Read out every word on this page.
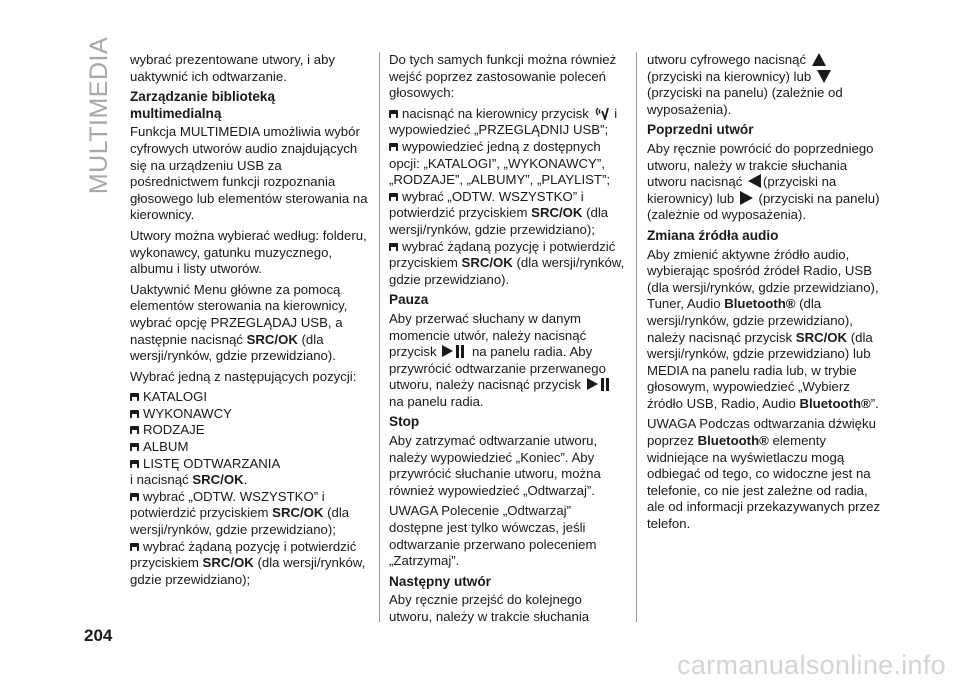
MULTIMEDIA
204
carmanualsonline.info

wybrać prezentowane utwory, i aby uaktywnić ich odtwarzanie.

Zarządzanie biblioteką multimedialną

Funkcja MULTIMEDIA umożliwia wybór cyfrowych utworów audio znajdujących się na urządzeniu USB za pośrednictwem funkcji rozpoznania głosowego lub elementów sterowania na kierownicy.

Utwory można wybierać według: folderu, wykonawcy, gatunku muzycznego, albumu i listy utworów.

Uaktywnić Menu główne za pomocą elementów sterowania na kierownicy, wybrać opcję PRZEGLĄDAJ USB, a następnie nacisnąć SRC/OK (dla wersji/rynków, gdzie przewidziano).

Wybrać jedną z następujących pozycji:

KATALOGI
WYKONAWCY
RODZAJE
ALBUM
LISTĘ ODTWARZANIA
i nacisnąć SRC/OK.
wybrać „ODTW. WSZYSTKO” i potwierdzić przyciskiem SRC/OK (dla wersji/rynków, gdzie przewidziano);
wybrać żądaną pozycję i potwierdzić przyciskiem SRC/OK (dla wersji/rynków, gdzie przewidziano);

Do tych samych funkcji można również wejść poprzez zastosowanie poleceń głosowych:

nacisnąć na kierownicy przycisk  i wypowiedzieć „PRZEGLĄDNIJ USB”;
wypowiedzieć jedną z dostępnych opcji: „KATALOGI”, „WYKONAWCY”, „RODZAJE”, „ALBUMY”, „PLAYLIST”;
wybrać „ODTW. WSZYSTKO” i potwierdzić przyciskiem SRC/OK (dla wersji/rynków, gdzie przewidziano);
wybrać żądaną pozycję i potwierdzić przyciskiem SRC/OK (dla wersji/rynków, gdzie przewidziano).
Pauza

Aby przerwać słuchany w danym momencie utwór, należy nacisnąć przycisk  na panelu radia. Aby przywrócić odtwarzanie przerwanego utworu, należy nacisnąć przycisk  na panelu radia.

Stop

Aby zatrzymać odtwarzanie utworu, należy wypowiedzieć „Koniec”. Aby przywrócić słuchanie utworu, można również wypowiedzieć „Odtwarzaj”.

UWAGA Polecenie „Odtwarzaj” dostępne jest tylko wówczas, jeśli odtwarzanie przerwano poleceniem „Zatrzymaj”.

Następny utwór

Aby ręcznie przejść do kolejnego utworu, należy w trakcie słuchania

utworu cyfrowego nacisnąć
(przyciski na kierownicy) lub
(przyciski na panelu) (zależnie od wyposażenia).

Poprzedni utwór

Aby ręcznie powrócić do poprzedniego utworu, należy w trakcie słuchania utworu nacisnąć (przyciski na kierownicy) lub  (przyciski na panelu) (zależnie od wyposażenia).

Zmiana źródła audio

Aby zmienić aktywne źródło audio, wybierając spośród źródeł Radio, USB (dla wersji/rynków, gdzie przewidziano), Tuner, Audio Bluetooth® (dla wersji/rynków, gdzie przewidziano), należy nacisnąć przycisk SRC/OK (dla wersji/rynków, gdzie przewidziano) lub MEDIA na panelu radia lub, w trybie głosowym, wypowiedzieć „Wybierz źródło USB, Radio, Audio Bluetooth®”.

UWAGA Podczas odtwarzania dźwięku poprzez Bluetooth® elementy widniejące na wyświetlaczu mogą odbiegać od tego, co widoczne jest na telefonie, co nie jest zależne od radia, ale od informacji przekazywanych przez telefon.
